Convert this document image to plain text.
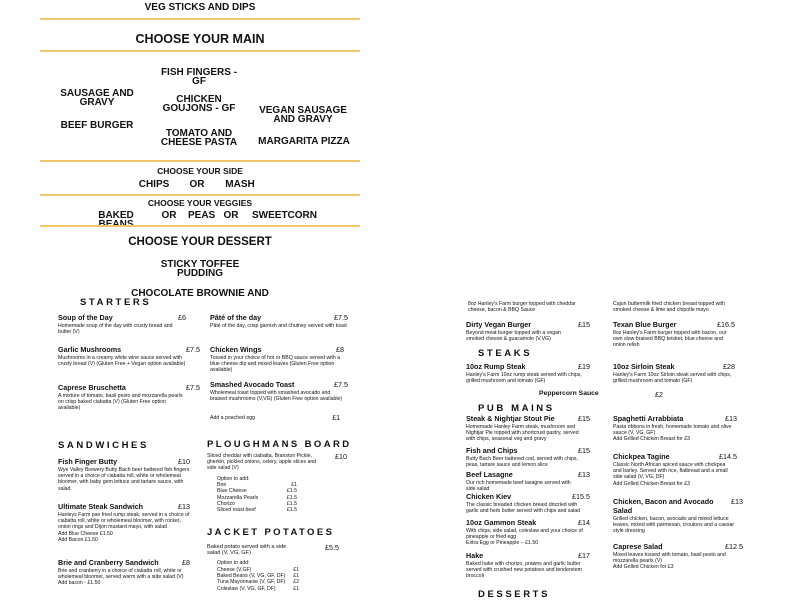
VEG STICKS AND DIPS
CHOOSE YOUR MAIN
FISH FINGERS - GF
SAUSAGE AND
GRAVY	CHICKEN
GOUJONS - GF	VEGAN SAUSAGE
AND GRAVY
BEEF BURGER
TOMATO AND
CHEESE PASTA	MARGARITA PIZZA
CHOOSE YOUR SIDE
CHIPS	OR	MASH
CHOOSE YOUR VEGGIES
BAKED	OR PEAS OR SWEETCORN
CHOOSE YOUR DESSERT
STICKY TOFFEE
PUDDING
CHOCOLATE BROWNIE AND
STARTERS
Soup of the Day	£6
Homemade soup of the day with crusty bread and butter (V)
Pâté of the day	£7.5
Pâté of the day, crisp garnish and chutney served with toast
Garlic Mushrooms	£7.5
Mushrooms in a creamy white wine sauce served with crusty bread (V) (Gluten Free + Vegan option available)
Chicken Wings	£8
Tossed in your choice of hot or BBQ sauce served with a blue cheese dip and mixed leaves (Gluten Free option available)
Caprese Bruschetta	£7.5
A mixture of tomato, basil pesto and mozzarella pearls on crisp baked ciabatta (V) (Gluten Free option available)
Smashed Avocado Toast	£7.5
Wholemeal toast topped with smashed avocado and braised mushrooms (V,VG) (Gluten Free option available)
Add a poached egg	£1
SANDWICHES
Fish Finger Butty	£10
Wye Valley Brewery Butty Bach beer battered fish fingers served in a choice of ciabatta roll, white or wholemeal bloomer, with baby gem lettuce and tartare sauce, with salad
Ultimate Steak Sandwich	£13
Hanleys Farm pan fried rump steak, served in a choice of ciabatta roll, white or wholemeal bloomer, with rocket, onion rings and Dijon mustard mayo, with salad
Add Blue Cheese £1.50
Add Bacon £1.50
Brie and Cranberry Sandwich	£8
Brie and cranberry in a choice of ciabatta roll, white or wholemeal bloomer, served warm with a side salad (V)
Add bacon - £1.50
PLOUGHMANS BOARD
Sliced cheddar with ciabatta, Branston Pickle, gherkin, pickled onions, celery, apple slices and side salad (V)
£10
Option to add:
Brie	£1
Blue Cheese	£1.5
Mozzarella Pearls	£1.5
Chorizo	£1.5
Sliced roast beef	£1.5
JACKET POTATOES
Baked potato served with a side salad (V, VG, GF)
£5.5
Option to add:
Cheese (V,GF)	£1
Baked Beans (V, VG, GF, DF) £1
Tuna Mayonnaise (V, GF, DF) £2
Coleslaw (V, VG, GF, DF)	£1
8oz Hanley's Farm burger topped with cheddar cheese, bacon & BBQ Sauce
Cajun buttermilk fried chicken breast topped with smoked cheese & lime and chipotle mayo
Dirty Vegan Burger	£15
Beyond meat burger topped with a vegan smoked cheese & guacamole (V,VG)
Texan Blue Burger	£16.5
8oz Hanley's Farm burger topped with bacon, our own slow braised BBQ brisket, blue cheese and onion relish
STEAKS
10oz Rump Steak	£19
Hanley's Farm 10oz rump steak served with chips, grilled mushroom and tomato (GF)
10oz Sirloin Steak	£28
Hanley's Farm 10oz Sirloin steak served with chips, grilled mushroom and tomato (GF)
Peppercorn Sauce	£2
PUB MAINS
Steak & Nightjar Stout Pie	£15
Homemade Hanley Farm steak, mushroom and Nightjar Pie topped with shortcrust pastry, served with chips, seasonal veg and gravy
Fish and Chips	£15
Butty Bach Beer battered cod, served with chips, peas, tartare sauce and lemon slice
Beef Lasagne	£13
Our rich homemade beef lasagne served with side salad
Chicken Kiev	£15.5
The classic breaded chicken breast drizzled with garlic and herb butter served with chips and salad
10oz Gammon Steak	£14
With chips, side salad, coleslaw and your choice of pineapple or fried egg
Extra Egg or Pineapple – £1.50
Hake	£17
Baked hake with chorizo, prawns and garlic butter served with crushed new potatoes and tenderstem broccoli
Spaghetti Arrabbiata	£13
Pasta ribbons in fresh, homemade tomato and olive sauce (V, VG, GF)
Add Grilled Chicken Breast for £3
Chickpea Tagine	£14.5
Classic North African spiced sauce with chickpea and barley. Served with rice, flatbread and a small side salad (V, VG, DF)
Add Grilled Chicken Breast for £3
Chicken, Bacon and Avocado Salad
£13
Grilled chicken, bacon, avocado and mixed lettuce leaves, mixed with parmesan, croutons and a caesar style dressing
Caprese Salad	£12.5
Mixed leaves tossed with tomato, basil pesto and mozzarella pearls (V)
Add Grilled Chicken for £3
DESSERTS
